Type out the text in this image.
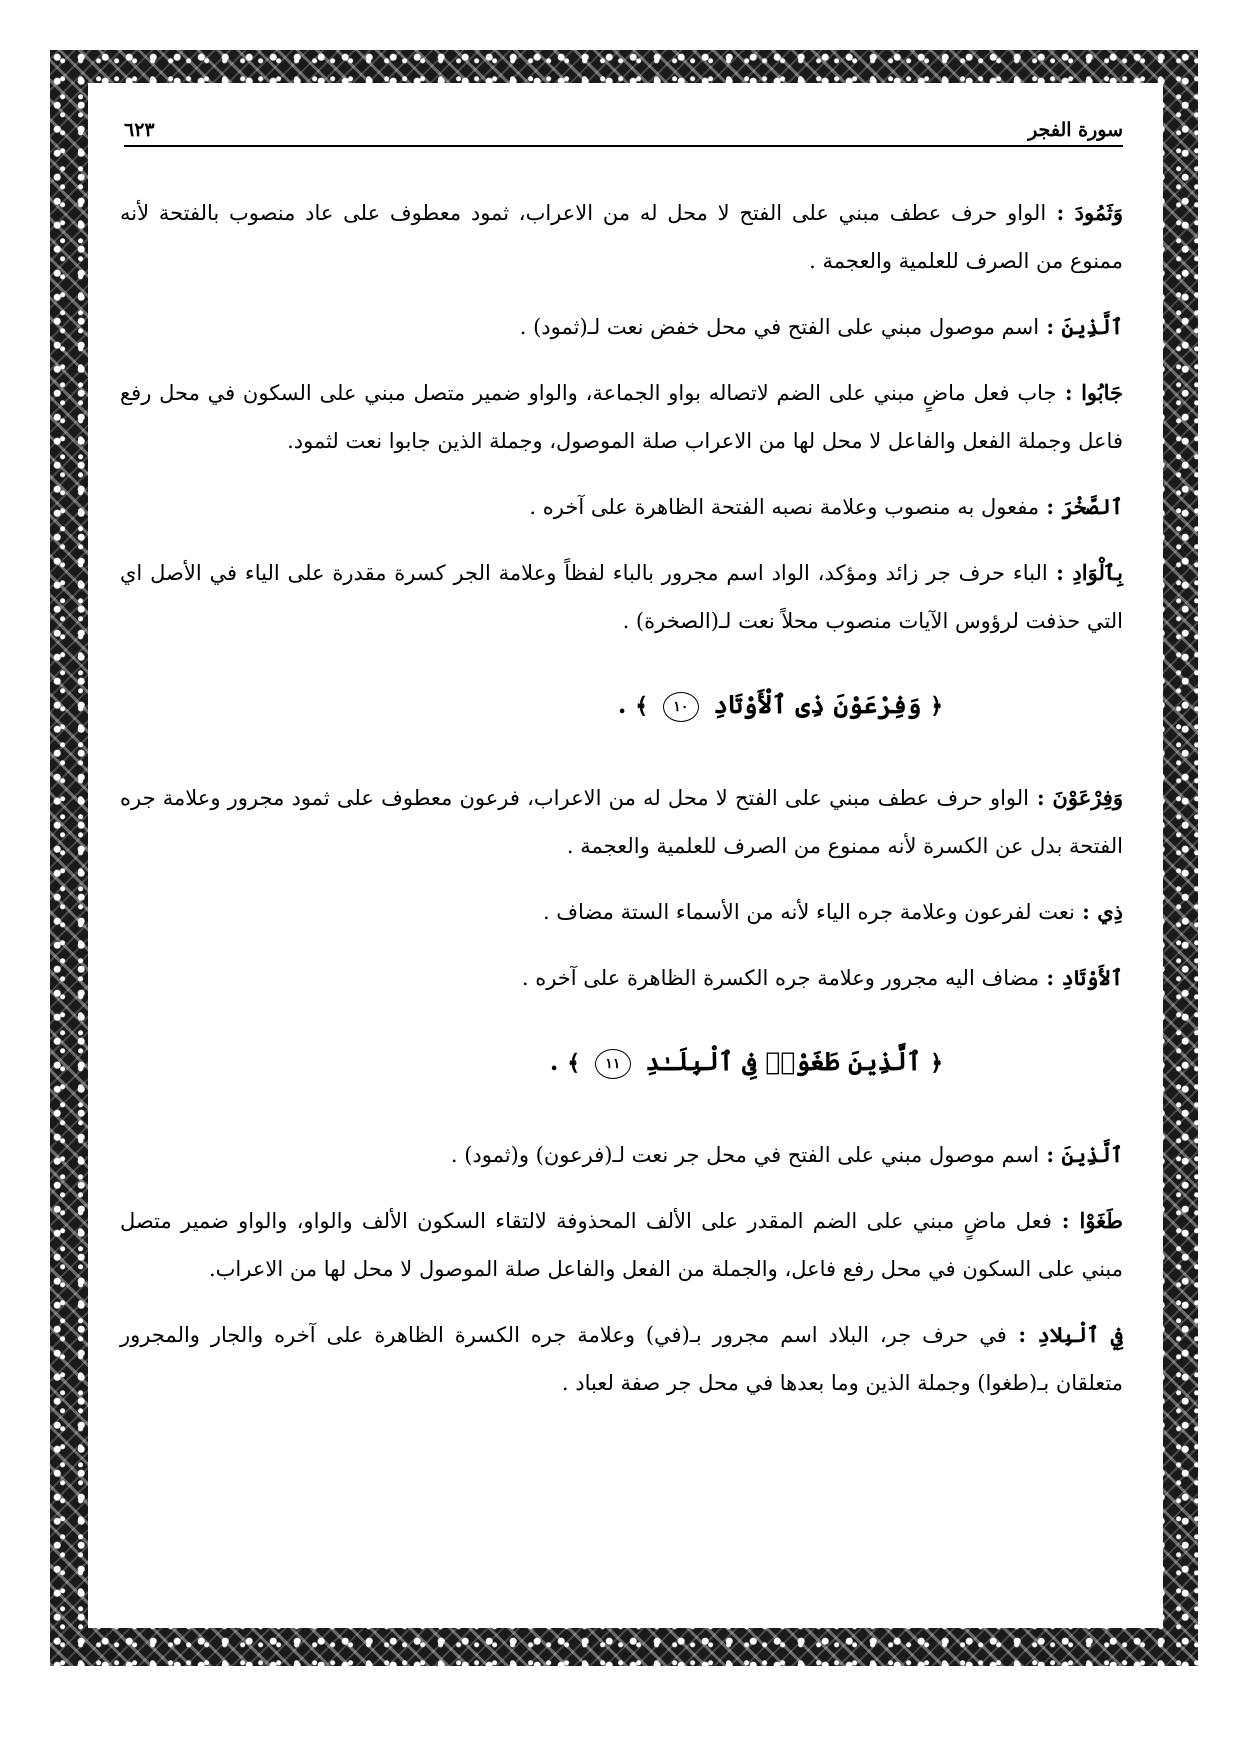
سورة الفجر
٦٢٣

وَثَمُودَ : الواو حرف عطف مبني على الفتح لا محل له من الاعراب، ثمود معطوف على عاد منصوب بالفتحة لأنه ممنوع من الصرف للعلمية والعجمة .

ٱلَّذِينَ : اسم موصول مبني على الفتح في محل خفض نعت لـ(ثمود) .

جَابُوا : جاب فعل ماضٍ مبني على الضم لاتصاله بواو الجماعة، والواو ضمير متصل مبني على السكون في محل رفع فاعل وجملة الفعل والفاعل لا محل لها من الاعراب صلة الموصول، وجملة الذين جابوا نعت لثمود.

ٱلصَّخْرَ : مفعول به منصوب وعلامة نصبه الفتحة الظاهرة على آخره .

بِٱلْوَادِ : الباء حرف جر زائد ومؤكد، الواد اسم مجرور بالباء لفظاً وعلامة الجر كسرة مقدرة على الياء في الأصل اي التي حذفت لرؤوس الآيات منصوب محلاً نعت لـ(الصخرة) .

﴿ وَفِرْعَوْنَ ذِى ٱلْأَوْتَادِ ١٠ ﴾ .

وَفِرْعَوْنَ : الواو حرف عطف مبني على الفتح لا محل له من الاعراب، فرعون معطوف على ثمود مجرور وعلامة جره الفتحة بدل عن الكسرة لأنه ممنوع من الصرف للعلمية والعجمة .

ذِي : نعت لفرعون وعلامة جره الياء لأنه من الأسماء الستة مضاف .

ٱلأَوْتَادِ : مضاف اليه مجرور وعلامة جره الكسرة الظاهرة على آخره .

﴿ ٱلَّذِينَ طَغَوْا۟ فِى ٱلْبِلَـٰدِ ١١ ﴾ .

ٱلَّذِينَ : اسم موصول مبني على الفتح في محل جر نعت لـ(فرعون) و(ثمود) .

طَغَوْا : فعل ماضٍ مبني على الضم المقدر على الألف المحذوفة لالتقاء السكون الألف والواو، والواو ضمير متصل مبني على السكون في محل رفع فاعل، والجملة من الفعل والفاعل صلة الموصول لا محل لها من الاعراب.

فِي ٱلْبِلادِ : في حرف جر، البلاد اسم مجرور بـ(في) وعلامة جره الكسرة الظاهرة على آخره والجار والمجرور متعلقان بـ(طغوا) وجملة الذين وما بعدها في محل جر صفة لعباد .
